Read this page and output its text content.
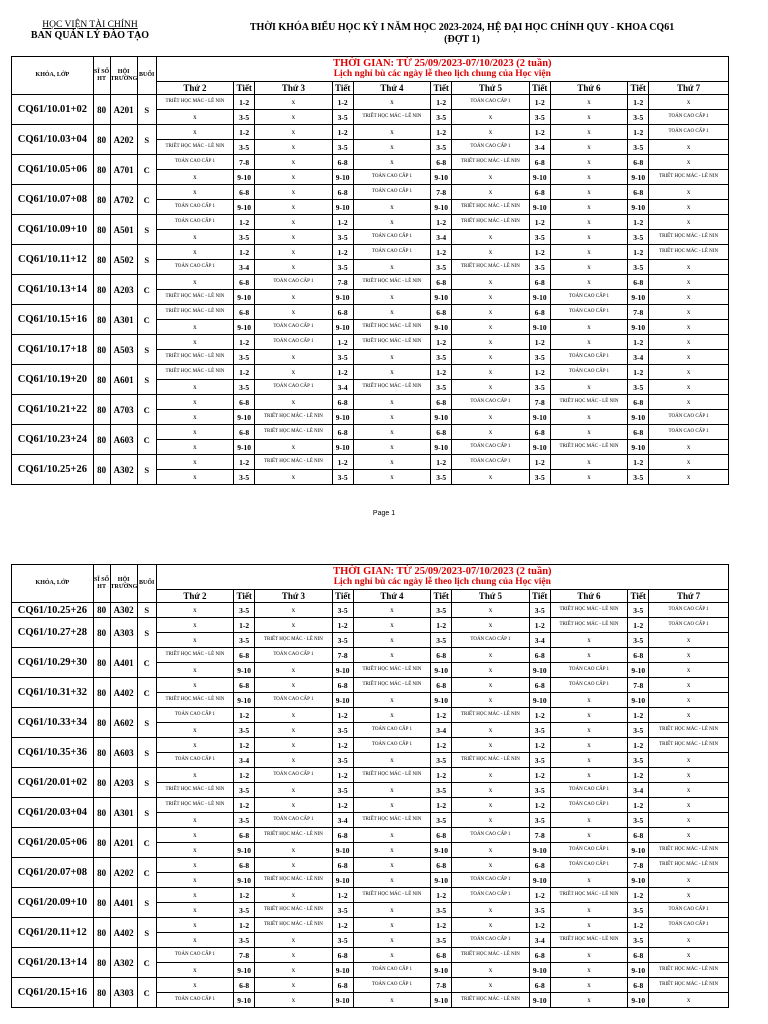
HỌC VIỆN TÀI CHÍNH
BAN QUẢN LÝ ĐÀO TẠO
THỜI KHÓA BIỂU HỌC KỲ I NĂM HỌC 2023-2024, HỆ ĐẠI HỌC CHÍNH QUY - KHOA CQ61
(ĐỢT 1)
KHÓA, LỚP	SĨ SỐ HT	HỘI TRƯỜNG	BUỔI	THỜI GIAN: TỪ 25/09/2023-07/10/2023 (2 tuần)
Lịch nghỉ bù các ngày lễ theo lịch chung của Học viện										

				Thứ 2	Tiết	Thứ 3	Tiết	Thứ 4	Tiết	Thứ 5	Tiết	Thứ 6	Tiết	Thứ 7
CQ61/10.01+02	80	A201	S	TRIẾT HỌC MÁC - LÊ NIN	1-2	x	1-2	x	1-2	TOÁN CAO CẤP 1	1-2	x	1-2	x
				x	3-5	x	3-5	TRIẾT HỌC MÁC - LÊ NIN	3-5	x	3-5	x	3-5	TOÁN CAO CẤP 1
CQ61/10.03+04	80	A202	S	x	1-2	x	1-2	x	1-2	x	1-2	x	1-2	TOÁN CAO CẤP 1
				TRIẾT HỌC MÁC - LÊ NIN	3-5	x	3-5	x	3-5	TOÁN CAO CẤP 1	3-4	x	3-5	x
CQ61/10.05+06	80	A701	C	TOÁN CAO CẤP 1	7-8	x	6-8	x	6-8	TRIẾT HỌC MÁC - LÊ NIN	6-8	x	6-8	x
				x	9-10	x	9-10	TOÁN CAO CẤP 1	9-10	x	9-10	x	9-10	TRIẾT HỌC MÁC - LÊ NIN
CQ61/10.07+08	80	A702	C	x	6-8	x	6-8	TOÁN CAO CẤP 1	7-8	x	6-8	x	6-8	x
				TOÁN CAO CẤP 1	9-10	x	9-10	x	9-10	TRIẾT HỌC MÁC - LÊ NIN	9-10	x	9-10	x
CQ61/10.09+10	80	A501	S	TOÁN CAO CẤP 1	1-2	x	1-2	x	1-2	TRIẾT HỌC MÁC - LÊ NIN	1-2	x	1-2	x
				x	3-5	x	3-5	TOÁN CAO CẤP 1	3-4	x	3-5	x	3-5	TRIẾT HỌC MÁC - LÊ NIN
CQ61/10.11+12	80	A502	S	x	1-2	x	1-2	TOÁN CAO CẤP 1	1-2	x	1-2	x	1-2	TRIẾT HỌC MÁC - LÊ NIN
				TOÁN CAO CẤP 1	3-4	x	3-5	x	3-5	TRIẾT HỌC MÁC - LÊ NIN	3-5	x	3-5	x
CQ61/10.13+14	80	A203	C	x	6-8	TOÁN CAO CẤP 1	7-8	TRIẾT HỌC MÁC - LÊ NIN	6-8	x	6-8	x	6-8	x
				TRIẾT HỌC MÁC - LÊ NIN	9-10	x	9-10	x	9-10	x	9-10	TOÁN CAO CẤP 1	9-10	x
CQ61/10.15+16	80	A301	C	TRIẾT HỌC MÁC - LÊ NIN	6-8	x	6-8	x	6-8	x	6-8	TOÁN CAO CẤP 1	7-8	x
				x	9-10	TOÁN CAO CẤP 1	9-10	TRIẾT HỌC MÁC - LÊ NIN	9-10	x	9-10	x	9-10	x
CQ61/10.17+18	80	A503	S	x	1-2	TOÁN CAO CẤP 1	1-2	TRIẾT HỌC MÁC - LÊ NIN	1-2	x	1-2	x	1-2	x
				TRIẾT HỌC MÁC - LÊ NIN	3-5	x	3-5	x	3-5	x	3-5	TOÁN CAO CẤP 1	3-4	x
CQ61/10.19+20	80	A601	S	TRIẾT HỌC MÁC - LÊ NIN	1-2	x	1-2	x	1-2	x	1-2	TOÁN CAO CẤP 1	1-2	x
				x	3-5	TOÁN CAO CẤP 1	3-4	TRIẾT HỌC MÁC - LÊ NIN	3-5	x	3-5	x	3-5	x
CQ61/10.21+22	80	A703	C	x	6-8	x	6-8	x	6-8	TOÁN CAO CẤP 1	7-8	TRIẾT HỌC MÁC - LÊ NIN	6-8	x
				x	9-10	TRIẾT HỌC MÁC - LÊ NIN	9-10	x	9-10	x	9-10	x	9-10	TOÁN CAO CẤP 1
CQ61/10.23+24	80	A603	C	x	6-8	TRIẾT HỌC MÁC - LÊ NIN	6-8	x	6-8	x	6-8	x	6-8	TOÁN CAO CẤP 1
				x	9-10	x	9-10	x	9-10	TOÁN CAO CẤP 1	9-10	TRIẾT HỌC MÁC - LÊ NIN	9-10	x
CQ61/10.25+26	80	A302	S	x	1-2	TRIẾT HỌC MÁC - LÊ NIN	1-2	x	1-2	TOÁN CAO CẤP 1	1-2	x	1-2	x
				x	3-5	x	3-5	x	3-5	x	3-5	x	3-5	x
Page 1
KHÓA, LỚP	SĨ SỐ HT	HỘI TRƯỜNG	BUỔI	THỜI GIAN: TỪ 25/09/2023-07/10/2023 (2 tuần)
Lịch nghỉ bù các ngày lễ theo lịch chung của Học viện										

				Thứ 2	Tiết	Thứ 3	Tiết	Thứ 4	Tiết	Thứ 5	Tiết	Thứ 6	Tiết	Thứ 7
CQ61/10.25+26	80	A302	S	x	3-5	x	3-5	x	3-5	x	3-5	TRIẾT HỌC MÁC - LÊ NIN	3-5	TOÁN CAO CẤP 1
CQ61/10.27+28	80	A303	S	x	1-2	x	1-2	x	1-2	x	1-2	TRIẾT HỌC MÁC - LÊ NIN	1-2	TOÁN CAO CẤP 1
				x	3-5	TRIẾT HỌC MÁC - LÊ NIN	3-5	x	3-5	TOÁN CAO CẤP 1	3-4	x	3-5	x
CQ61/10.29+30	80	A401	C	TRIẾT HỌC MÁC - LÊ NIN	6-8	TOÁN CAO CẤP 1	7-8	x	6-8	x	6-8	x	6-8	x
				x	9-10	x	9-10	TRIẾT HỌC MÁC - LÊ NIN	9-10	x	9-10	TOÁN CAO CẤP 1	9-10	x
CQ61/10.31+32	80	A402	C	x	6-8	x	6-8	TRIẾT HỌC MÁC - LÊ NIN	6-8	x	6-8	TOÁN CAO CẤP 1	7-8	x
				TRIẾT HỌC MÁC - LÊ NIN	9-10	TOÁN CAO CẤP 1	9-10	x	9-10	x	9-10	x	9-10	x
CQ61/10.33+34	80	A602	S	TOÁN CAO CẤP 1	1-2	x	1-2	x	1-2	TRIẾT HỌC MÁC - LÊ NIN	1-2	x	1-2	x
				x	3-5	x	3-5	TOÁN CAO CẤP 1	3-4	x	3-5	x	3-5	TRIẾT HỌC MÁC - LÊ NIN
CQ61/10.35+36	80	A603	S	x	1-2	x	1-2	TOÁN CAO CẤP 1	1-2	x	1-2	x	1-2	TRIẾT HỌC MÁC - LÊ NIN
				TOÁN CAO CẤP 1	3-4	x	3-5	x	3-5	TRIẾT HỌC MÁC - LÊ NIN	3-5	x	3-5	x
CQ61/20.01+02	80	A203	S	x	1-2	TOÁN CAO CẤP 1	1-2	TRIẾT HỌC MÁC - LÊ NIN	1-2	x	1-2	x	1-2	x
				TRIẾT HỌC MÁC - LÊ NIN	3-5	x	3-5	x	3-5	x	3-5	TOÁN CAO CẤP 1	3-4	x
CQ61/20.03+04	80	A301	S	TRIẾT HỌC MÁC - LÊ NIN	1-2	x	1-2	x	1-2	x	1-2	TOÁN CAO CẤP 1	1-2	x
				x	3-5	TOÁN CAO CẤP 1	3-4	TRIẾT HỌC MÁC - LÊ NIN	3-5	x	3-5	x	3-5	x
CQ61/20.05+06	80	A201	C	x	6-8	TRIẾT HỌC MÁC - LÊ NIN	6-8	x	6-8	TOÁN CAO CẤP 1	7-8	x	6-8	x
				x	9-10	x	9-10	x	9-10	x	9-10	TOÁN CAO CẤP 1	9-10	TRIẾT HỌC MÁC - LÊ NIN
CQ61/20.07+08	80	A202	C	x	6-8	x	6-8	x	6-8	x	6-8	TOÁN CAO CẤP 1	7-8	TRIẾT HỌC MÁC - LÊ NIN
				x	9-10	TRIẾT HỌC MÁC - LÊ NIN	9-10	x	9-10	TOÁN CAO CẤP 1	9-10	x	9-10	x
CQ61/20.09+10	80	A401	S	x	1-2	x	1-2	TRIẾT HỌC MÁC - LÊ NIN	1-2	TOÁN CAO CẤP 1	1-2	TRIẾT HỌC MÁC - LÊ NIN	1-2	x
				x	3-5	TRIẾT HỌC MÁC - LÊ NIN	3-5	x	3-5	x	3-5	x	3-5	TOÁN CAO CẤP 1
CQ61/20.11+12	80	A402	S	x	1-2	TRIẾT HỌC MÁC - LÊ NIN	1-2	x	1-2	x	1-2	x	1-2	TOÁN CAO CẤP 1
				x	3-5	x	3-5	x	3-5	TOÁN CAO CẤP 1	3-4	TRIẾT HỌC MÁC - LÊ NIN	3-5	x
CQ61/20.13+14	80	A302	C	TOÁN CAO CẤP 1	7-8	x	6-8	x	6-8	TRIẾT HỌC MÁC - LÊ NIN	6-8	x	6-8	x
				x	9-10	x	9-10	TOÁN CAO CẤP 1	9-10	x	9-10	x	9-10	TRIẾT HỌC MÁC - LÊ NIN
CQ61/20.15+16	80	A303	C	x	6-8	x	6-8	TOÁN CAO CẤP 1	7-8	x	6-8	x	6-8	TRIẾT HỌC MÁC - LÊ NIN
				TOÁN CAO CẤP 1	9-10	x	9-10	x	9-10	TRIẾT HỌC MÁC - LÊ NIN	9-10	x	9-10	x
